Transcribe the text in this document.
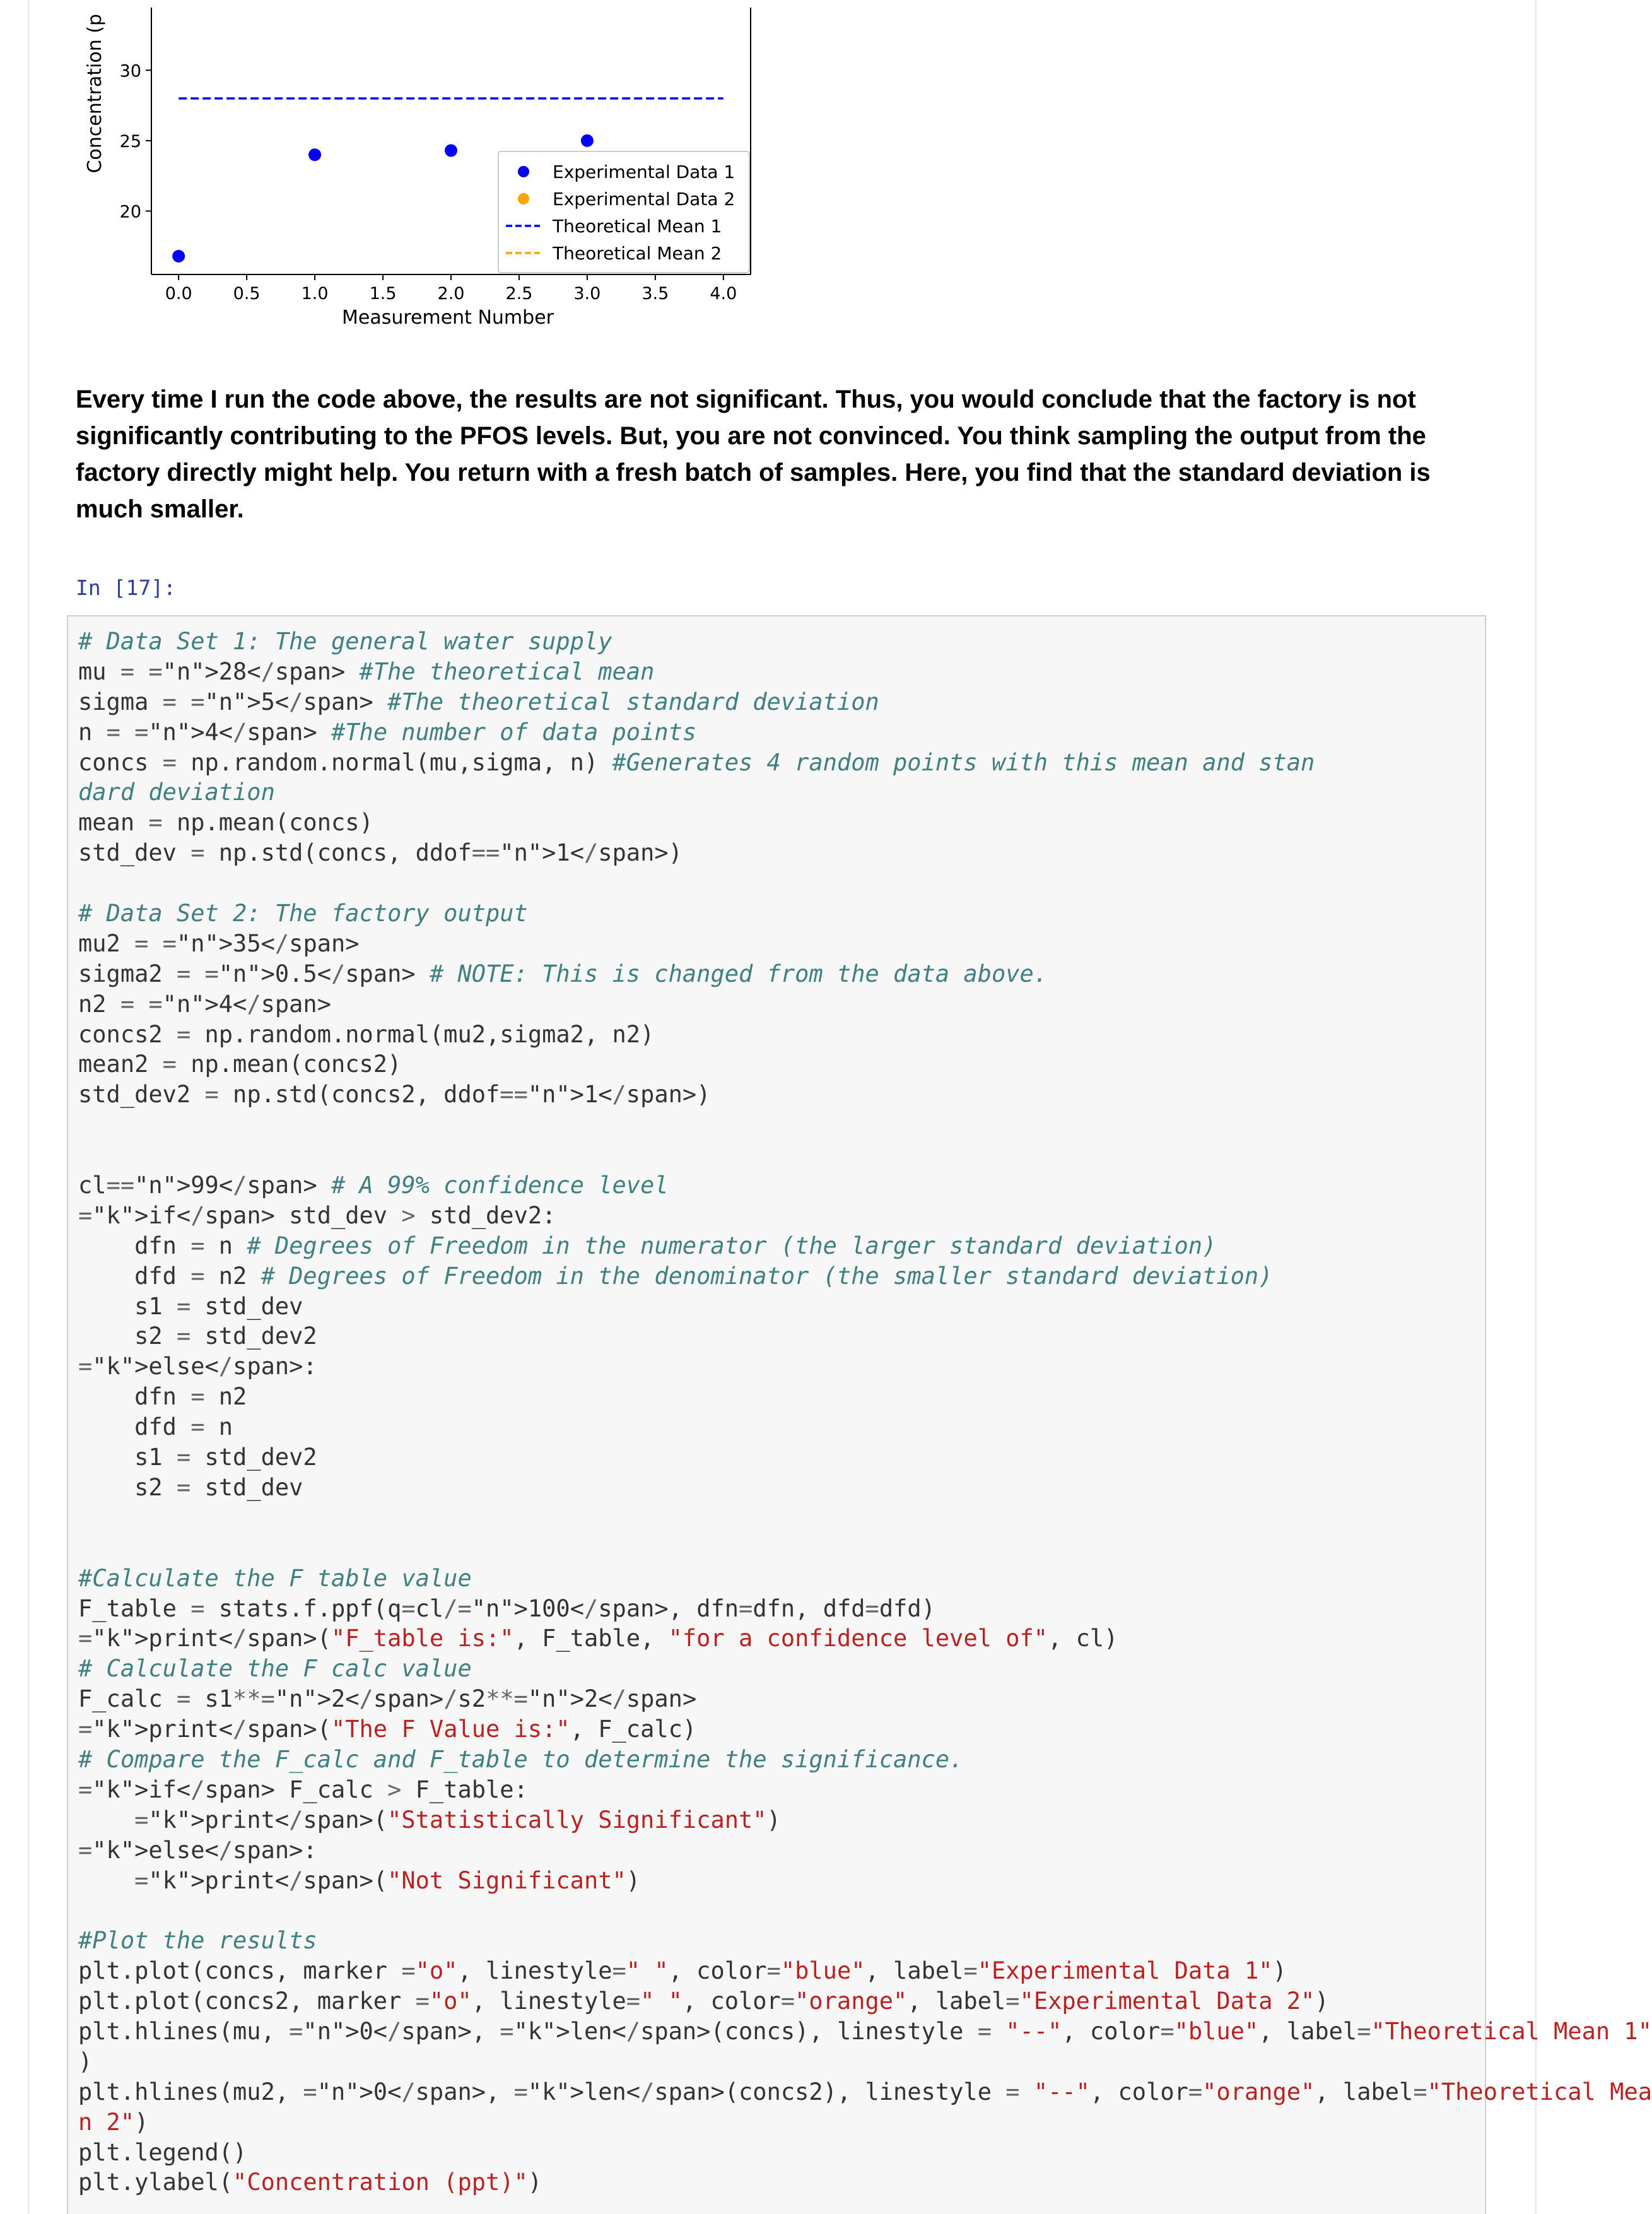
0.0 0.5 1.0 1.5 2.0 2.5 3.0 3.5 4.0
20
25
30
Measurement Number
Concentration (p	Experimental Data 1
Experimental Data 2
Theoretical Mean 1
Theoretical Mean 2

Every time I run the code above, the results are not significant. Thus, you would conclude that the factory is not significantly contributing to the PFOS levels. But, you are not convinced. You think sampling the output from the factory directly might help. You return with a fresh batch of samples. Here, you find that the standard deviation is much smaller.

In [17]:
# Data Set 1: The general water supply
mu = ="n">28</span> #The theoretical mean
sigma = ="n">5</span> #The theoretical standard deviation
n = ="n">4</span> #The number of data points
concs = np.random.normal(mu,sigma, n) #Generates 4 random points with this mean and stan
dard deviation
mean = np.mean(concs)
std_dev = np.std(concs, ddof=="n">1</span>)
# Data Set 2: The factory output
mu2 = ="n">35</span>
sigma2 = ="n">0.5</span> # NOTE: This is changed from the data above.
n2 = ="n">4</span>
concs2 = np.random.normal(mu2,sigma2, n2)
mean2 = np.mean(concs2)
std_dev2 = np.std(concs2, ddof=="n">1</span>)
cl=="n">99</span> # A 99% confidence level
="k">if</span> std_dev > std_dev2:
dfn = n # Degrees of Freedom in the numerator (the larger standard deviation)
dfd = n2 # Degrees of Freedom in the denominator (the smaller standard deviation)
s1 = std_dev
s2 = std_dev2
="k">else</span>:
dfn = n2
dfd = n
s1 = std_dev2
s2 = std_dev
#Calculate the F table value
F_table = stats.f.ppf(q=cl/="n">100</span>, dfn=dfn, dfd=dfd)
="k">print</span>("F_table is:", F_table, "for a confidence level of", cl)
# Calculate the F calc value
F_calc = s1**="n">2</span>/s2**="n">2</span>
="k">print</span>("The F Value is:", F_calc)
# Compare the F_calc and F_table to determine the significance.
="k">if</span> F_calc > F_table:
="k">print</span>("Statistically Significant")
="k">else</span>:
="k">print</span>("Not Significant")
#Plot the results
plt.plot(concs, marker ="o", linestyle=" ", color="blue", label="Experimental Data 1")
plt.plot(concs2, marker ="o", linestyle=" ", color="orange", label="Experimental Data 2")
plt.hlines(mu, ="n">0</span>, ="k">len</span>(concs), linestyle = "--", color="blue", label="Theoretical Mean 1"
)
plt.hlines(mu2, ="n">0</span>, ="k">len</span>(concs2), linestyle = "--", color="orange", label="Theoretical Mea
n 2")
plt.legend()
plt.ylabel("Concentration (ppt)")
